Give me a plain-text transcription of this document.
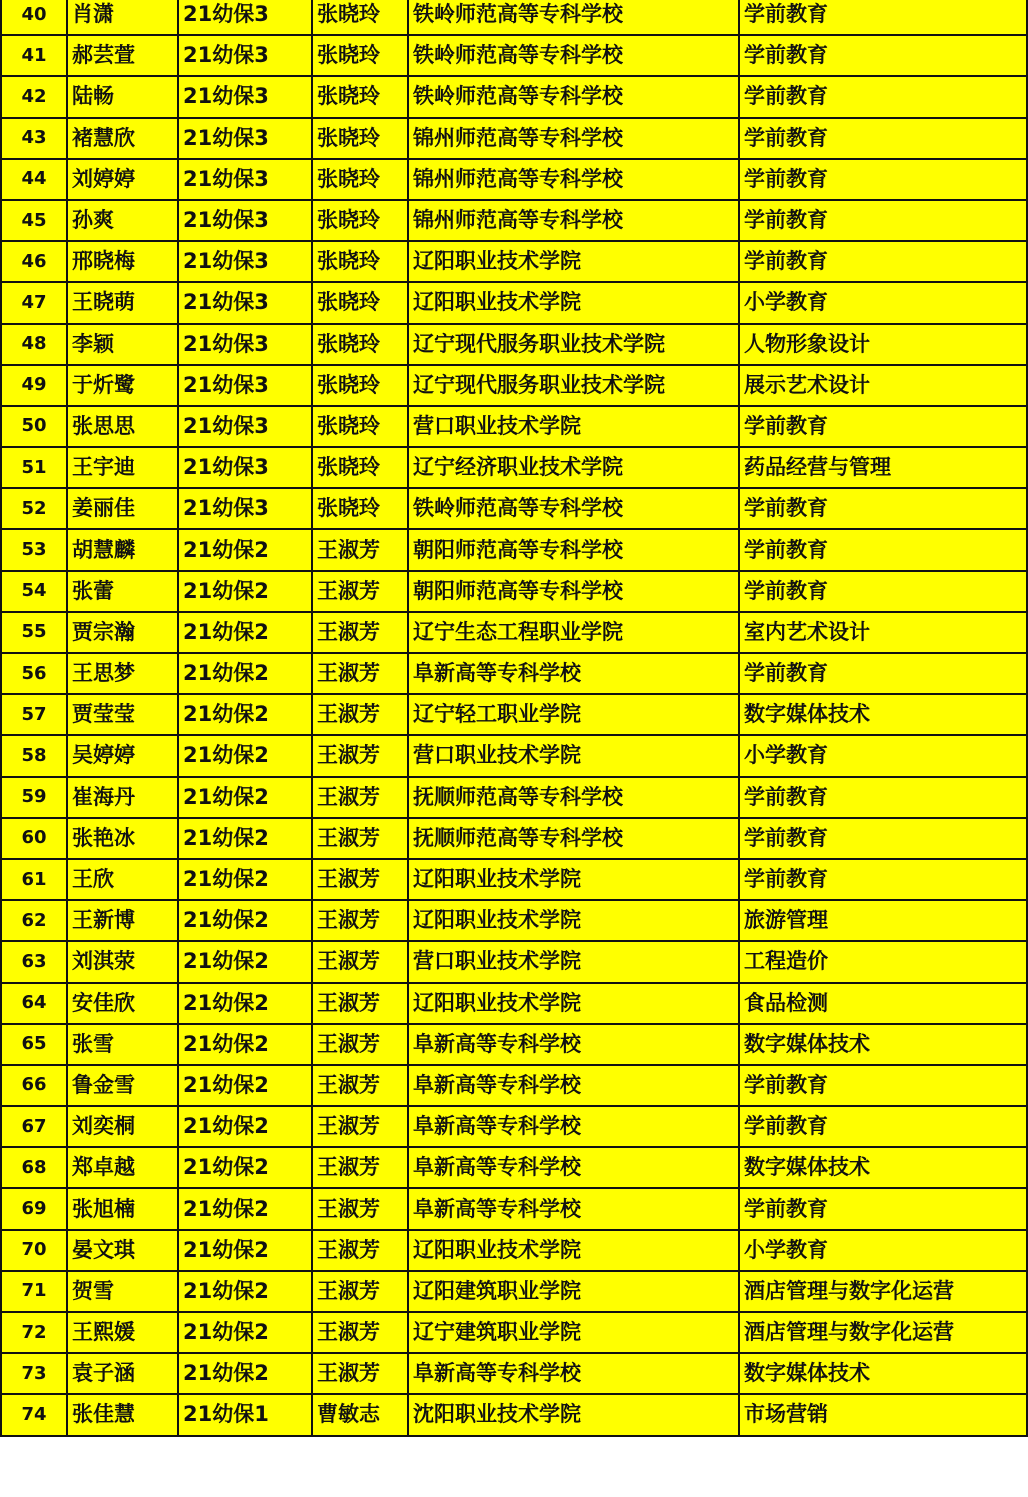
40	肖潇	21幼保3	张晓玲	铁岭师范高等专科学校	学前教育
41	郝芸萱	21幼保3	张晓玲	铁岭师范高等专科学校	学前教育
42	陆畅	21幼保3	张晓玲	铁岭师范高等专科学校	学前教育
43	褚慧欣	21幼保3	张晓玲	锦州师范高等专科学校	学前教育
44	刘婷婷	21幼保3	张晓玲	锦州师范高等专科学校	学前教育
45	孙爽	21幼保3	张晓玲	锦州师范高等专科学校	学前教育
46	邢晓梅	21幼保3	张晓玲	辽阳职业技术学院	学前教育
47	王晓萌	21幼保3	张晓玲	辽阳职业技术学院	小学教育
48	李颖	21幼保3	张晓玲	辽宁现代服务职业技术学院	人物形象设计
49	于炘鹭	21幼保3	张晓玲	辽宁现代服务职业技术学院	展示艺术设计
50	张思思	21幼保3	张晓玲	营口职业技术学院	学前教育
51	王宇迪	21幼保3	张晓玲	辽宁经济职业技术学院	药品经营与管理
52	姜丽佳	21幼保3	张晓玲	铁岭师范高等专科学校	学前教育
53	胡慧麟	21幼保2	王淑芳	朝阳师范高等专科学校	学前教育
54	张蕾	21幼保2	王淑芳	朝阳师范高等专科学校	学前教育
55	贾宗瀚	21幼保2	王淑芳	辽宁生态工程职业学院	室内艺术设计
56	王思梦	21幼保2	王淑芳	阜新高等专科学校	学前教育
57	贾莹莹	21幼保2	王淑芳	辽宁轻工职业学院	数字媒体技术
58	吴婷婷	21幼保2	王淑芳	营口职业技术学院	小学教育
59	崔海丹	21幼保2	王淑芳	抚顺师范高等专科学校	学前教育
60	张艳冰	21幼保2	王淑芳	抚顺师范高等专科学校	学前教育
61	王欣	21幼保2	王淑芳	辽阳职业技术学院	学前教育
62	王新博	21幼保2	王淑芳	辽阳职业技术学院	旅游管理
63	刘淇荥	21幼保2	王淑芳	营口职业技术学院	工程造价
64	安佳欣	21幼保2	王淑芳	辽阳职业技术学院	食品检测
65	张雪	21幼保2	王淑芳	阜新高等专科学校	数字媒体技术
66	鲁金雪	21幼保2	王淑芳	阜新高等专科学校	学前教育
67	刘奕桐	21幼保2	王淑芳	阜新高等专科学校	学前教育
68	郑卓越	21幼保2	王淑芳	阜新高等专科学校	数字媒体技术
69	张旭楠	21幼保2	王淑芳	阜新高等专科学校	学前教育
70	晏文琪	21幼保2	王淑芳	辽阳职业技术学院	小学教育
71	贺雪	21幼保2	王淑芳	辽阳建筑职业学院	酒店管理与数字化运营
72	王熙媛	21幼保2	王淑芳	辽宁建筑职业学院	酒店管理与数字化运营
73	袁子涵	21幼保2	王淑芳	阜新高等专科学校	数字媒体技术
74	张佳慧	21幼保1	曹敏志	沈阳职业技术学院	市场营销
